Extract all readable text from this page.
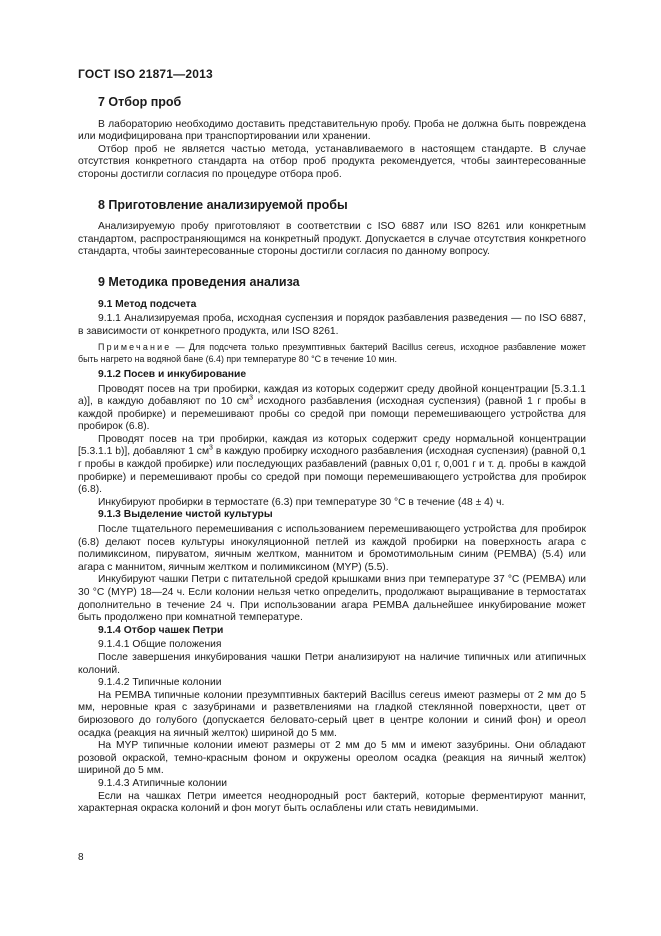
ГОСТ ISO 21871—2013
7 Отбор проб

В лабораторию необходимо доставить представительную пробу. Проба не должна быть повреждена или модифицирована при транспортировании или хранении.

Отбор проб не является частью метода, устанавливаемого в настоящем стандарте. В случае отсутствия конкретного стандарта на отбор проб продукта рекомендуется, чтобы заинтересованные стороны достигли согласия по процедуре отбора проб.

8 Приготовление анализируемой пробы

Анализируемую пробу приготовляют в соответствии с ISO 6887 или ISO 8261 или конкретным стандартом, распространяющимся на конкретный продукт. Допускается в случае отсутствия конкретного стандарта, чтобы заинтересованные стороны достигли согласия по данному вопросу.

9 Методика проведения анализа
9.1 Метод подсчета

9.1.1 Анализируемая проба, исходная суспензия и порядок разбавления разведения — по ISO 6887, в зависимости от конкретного продукта, или ISO 8261.

Примечание — Для подсчета только презумптивных бактерий Bacillus cereus, исходное разбавление может быть нагрето на водяной бане (6.4) при температуре 80 °С в течение 10 мин.

9.1.2 Посев и инкубирование

Проводят посев на три пробирки, каждая из которых содержит среду двойной концентрации [5.3.1.1 a)], в каждую добавляют по 10 $см^3$ исходного разбавления (исходная суспензия) (равной 1 г пробы в каждой пробирке) и перемешивают пробы со средой при помощи перемешивающего устройства для пробирок (6.8).

Проводят посев на три пробирки, каждая из которых содержит среду нормальной концентрации [5.3.1.1 b)], добавляют 1 $см^3$ в каждую пробирку исходного разбавления (исходная суспензия) (равной 0,1 г пробы в каждой пробирке) или последующих разбавлений (равных 0,01 г, 0,001 г и т. д. пробы в каждой пробирке) и перемешивают пробы со средой при помощи перемешивающего устройства для пробирок (6.8).

Инкубируют пробирки в термостате (6.3) при температуре 30 °С в течение (48 ± 4) ч.

9.1.3 Выделение чистой культуры

После тщательного перемешивания с использованием перемешивающего устройства для пробирок (6.8) делают посев культуры инокуляционной петлей из каждой пробирки на поверхность агара с полимиксином, пируватом, яичным желтком, маннитом и бромотимольным синим (PEMBA) (5.4) или агара с маннитом, яичным желтком и полимиксином (MYP) (5.5).

Инкубируют чашки Петри с питательной средой крышками вниз при температуре 37 °С (PEMBA) или 30 °С (MYP) 18—24 ч. Если колонии нельзя четко определить, продолжают выращивание в термостатах дополнительно в течение 24 ч. При использовании агара PEMBA дальнейшее инкубирование может быть продолжено при комнатной температуре.

9.1.4 Отбор чашек Петри

9.1.4.1 Общие положения

После завершения инкубирования чашки Петри анализируют на наличие типичных или атипичных колоний.

9.1.4.2 Типичные колонии

На PEMBA типичные колонии презумптивных бактерий Bacillus cereus имеют размеры от 2 мм до 5 мм, неровные края с зазубринами и разветвлениями на гладкой стеклянной поверхности, цвет от бирюзового до голубого (допускается беловато-серый цвет в центре колонии и синий фон) и ореол осадка (реакция на яичный желток) шириной до 5 мм.

На MYP типичные колонии имеют размеры от 2 мм до 5 мм и имеют зазубрины. Они обладают розовой окраской, темно-красным фоном и окружены ореолом осадка (реакция на яичный желток) шириной до 5 мм.

9.1.4.3 Атипичные колонии

Если на чашках Петри имеется неоднородный рост бактерий, которые ферментируют маннит, характерная окраска колоний и фон могут быть ослаблены или стать невидимыми.

8
